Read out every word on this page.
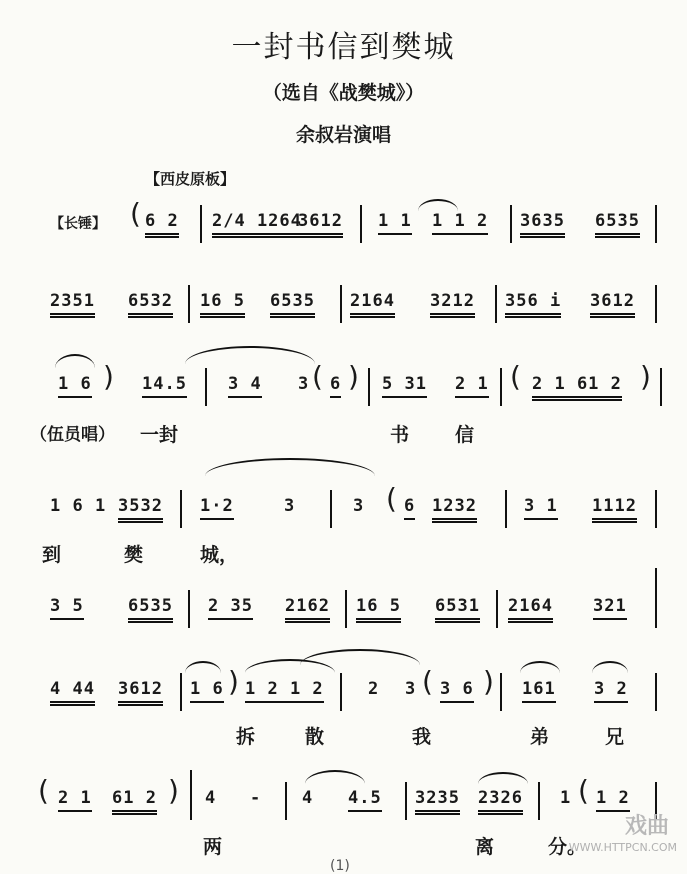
一封书信到樊城
（选自《战樊城》）
余叔岩演唱
【西皮原板】
【长锤】 ( 6 2 2/4 1264
3612 1 1 1 1 2 3635 6535
2351 6532 16 5 6535 2164 3212 356 i 3612
1 6 ) 14.5 3 4 3 ( 6 ) 5 31 2 1 ( 2 1 61 2 )
（伍员唱） 一封	书 信
1 6 1 3532 1·2	3	3 ( 6 1232	3 1 1112
到	樊	城，
3 5	6535 2 35 2162 16 5 6531 2164 321
4 44 3612 1 6 ) 1 2 1 2	2 3 ( 3 6 ) 161 3 2
拆	散	我	弟	兄
( 2 1 61 2 ) 4 - 4 4.5 3235 2326 1 ( 1 2
两	离	分。
戏曲
WWW.HTTPCN.COM
(1)
